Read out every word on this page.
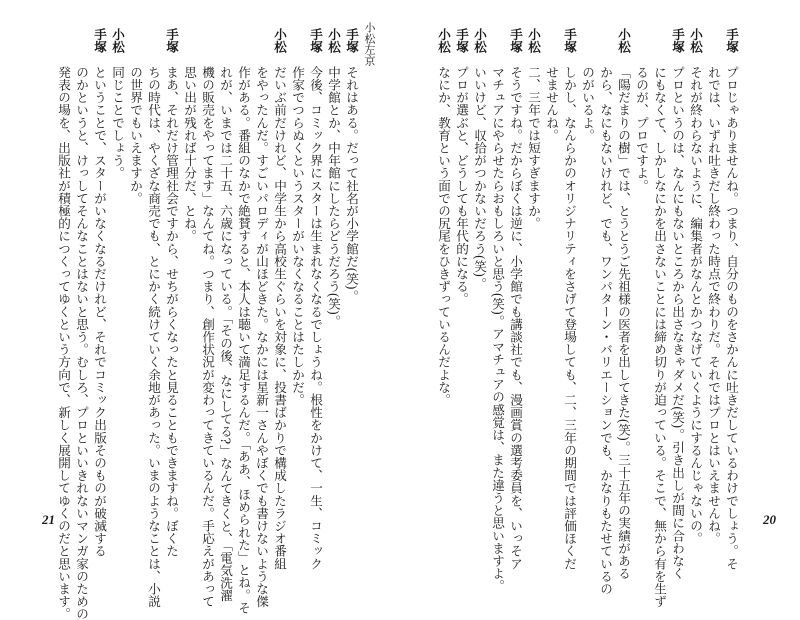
手塚それはある。だって社名が小学館だ(笑)。
小松中学館とか、中年館にしたらどうだろう(笑)。
手塚今後、コミック界にスターは生まれなくなるでしょうね。根性をかけて、一生、コミック
作家でつらぬくというスターがいなくなることはたしかだ。
小松だいぶ前だけれど、中学生から高校生ぐらいを対象に、投書ばかりで構成したラジオ番組
をやったんだ。すごいパロディが山ほどきた。なかには星新一さんやぼくでも書けないような傑
作がある。番組のなかで絶賛すると、本人は聴いて満足するんだ。「ああ、ほめられた」とね。そ
れが、いまでは二十五、六歳になっている。「その後、なにしてる?」なんてきくと、「電気洗濯
機の販売をやってます」なんてね。つまり、創作状況が変わってきているんだ。手応えがあって
思い出が残れば十分だ、とね。
手塚まあ、それだけ管理社会ですから、せちがらくなったと見ることもできますね。ぼくた
ちの時代は、やくざな商売でも、とにかく続けていく余地があった。いまのようなことは、小説
の世界でもいえますか。
小松同じことでしょう。
手塚ということで、スターがいなくなるだけれど、それでコミック出版そのものが破滅する
のかというと、けっしてそんなことはないと思う。むしろ、プロといいきれないマンガ家のための
発表の場を、出版社が積極的につくってゆくという方向で、新しく展開してゆくのだと思います。
21
小松左京	手塚プロじゃありませんね。つまり、自分のものをさかんに吐きだしているわけでしょう。そ
れでは、いずれ吐きだし終わった時点で終わりだ。それではプロとはいえませんね。
小松それが終わらないように、編集者がなんとかつなげていくようにするんじゃないの。
手塚プロというのは、なんにもないところから出さなきゃダメだ(笑)。引き出しが間に合わなく
にもなくて、しかしなにかを出さないことには締め切りが迫っている。そこで、無から有を生ず
るのが、プロですよ。
小松「陽だまりの樹」では、とうとうご先祖様の医者を出してきた(笑)。三十五年の実績がある
から、なにもないけれど、でも、ワンパターン・バリエーションでも、かなりもたせているの
のがいるよ。
手塚しかし、なんらかのオリジナリティをさげて登場しても、二、三年の期間では評価ほくだ
せませんね。
小松二、三年では短すぎますか。
手塚そうですね。だからぼくは逆に、小学館でも講談社でも、漫画賞の選考委員を、いっそア
マチュアにやらせたらおもしろいと思う(笑)。アマチュアの感覚は、また違うと思いますよ。
小松いいけど、収拾がつかないだろう(笑)。
手塚プロが選ぶと、どうしても年代的になる。
小松なにか、教育という面での尻尾をひきずっているんだよな。
20
